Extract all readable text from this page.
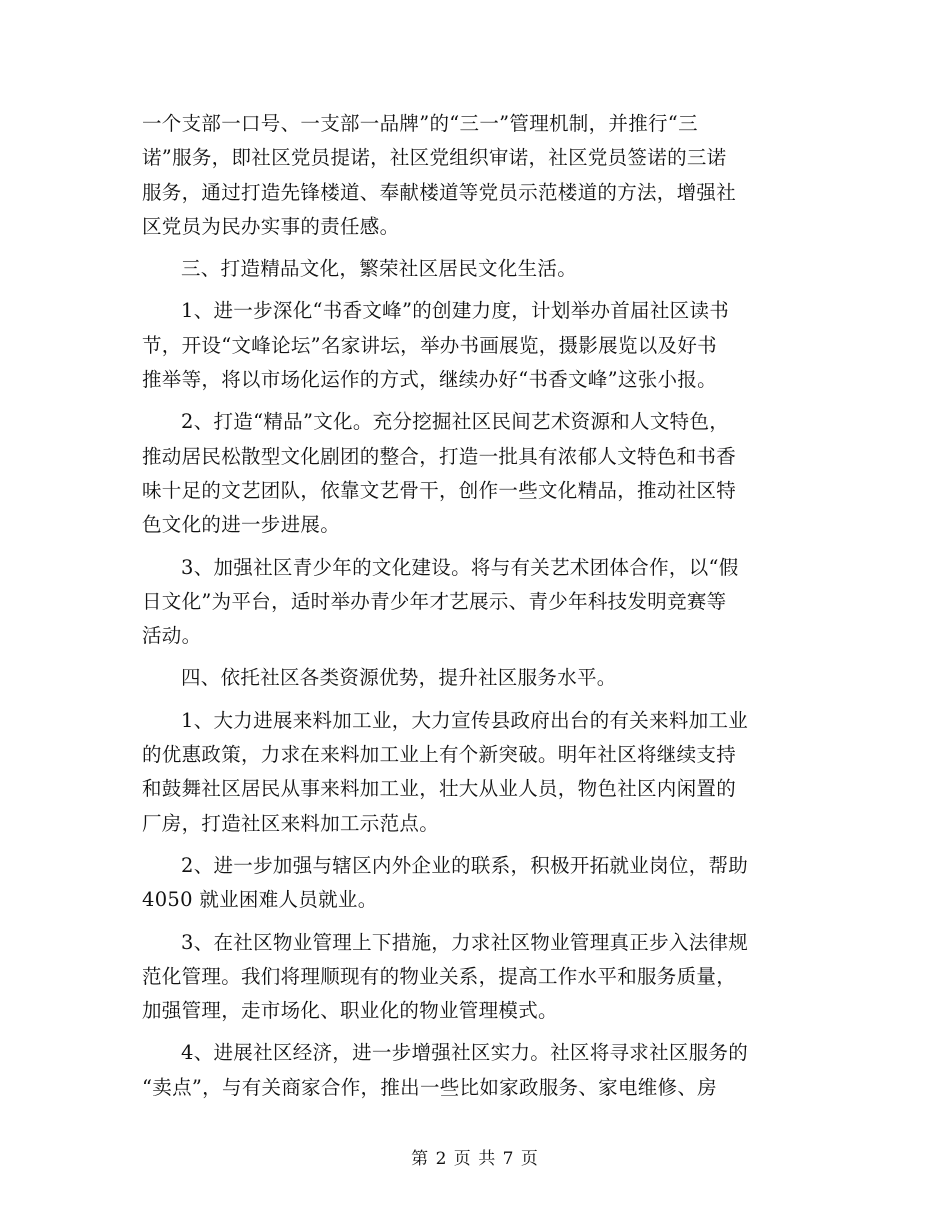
一个支部一口号、一支部一品牌”的“三一”管理机制，并推行“三
诺”服务，即社区党员提诺，社区党组织审诺，社区党员签诺的三诺
服务，通过打造先锋楼道、奉献楼道等党员示范楼道的方法，增强社
区党员为民办实事的责任感。
三、打造精品文化，繁荣社区居民文化生活。
1、进一步深化“书香文峰”的创建力度，计划举办首届社区读书
节，开设“文峰论坛”名家讲坛，举办书画展览，摄影展览以及好书
推举等，将以市场化运作的方式，继续办好“书香文峰”这张小报。
2、打造“精品”文化。充分挖掘社区民间艺术资源和人文特色，
推动居民松散型文化剧团的整合，打造一批具有浓郁人文特色和书香
味十足的文艺团队，依靠文艺骨干，创作一些文化精品，推动社区特
色文化的进一步进展。
3、加强社区青少年的文化建设。将与有关艺术团体合作，以“假
日文化”为平台，适时举办青少年才艺展示、青少年科技发明竞赛等
活动。
四、依托社区各类资源优势，提升社区服务水平。
1、大力进展来料加工业，大力宣传县政府出台的有关来料加工业
的优惠政策，力求在来料加工业上有个新突破。明年社区将继续支持
和鼓舞社区居民从事来料加工业，壮大从业人员，物色社区内闲置的
厂房，打造社区来料加工示范点。
2、进一步加强与辖区内外企业的联系，积极开拓就业岗位，帮助
4050 就业困难人员就业。
3、在社区物业管理上下措施，力求社区物业管理真正步入法律规
范化管理。我们将理顺现有的物业关系，提高工作水平和服务质量，
加强管理，走市场化、职业化的物业管理模式。
4、进展社区经济，进一步增强社区实力。社区将寻求社区服务的
“卖点”，与有关商家合作，推出一些比如家政服务、家电维修、房
第 2 页 共 7 页
